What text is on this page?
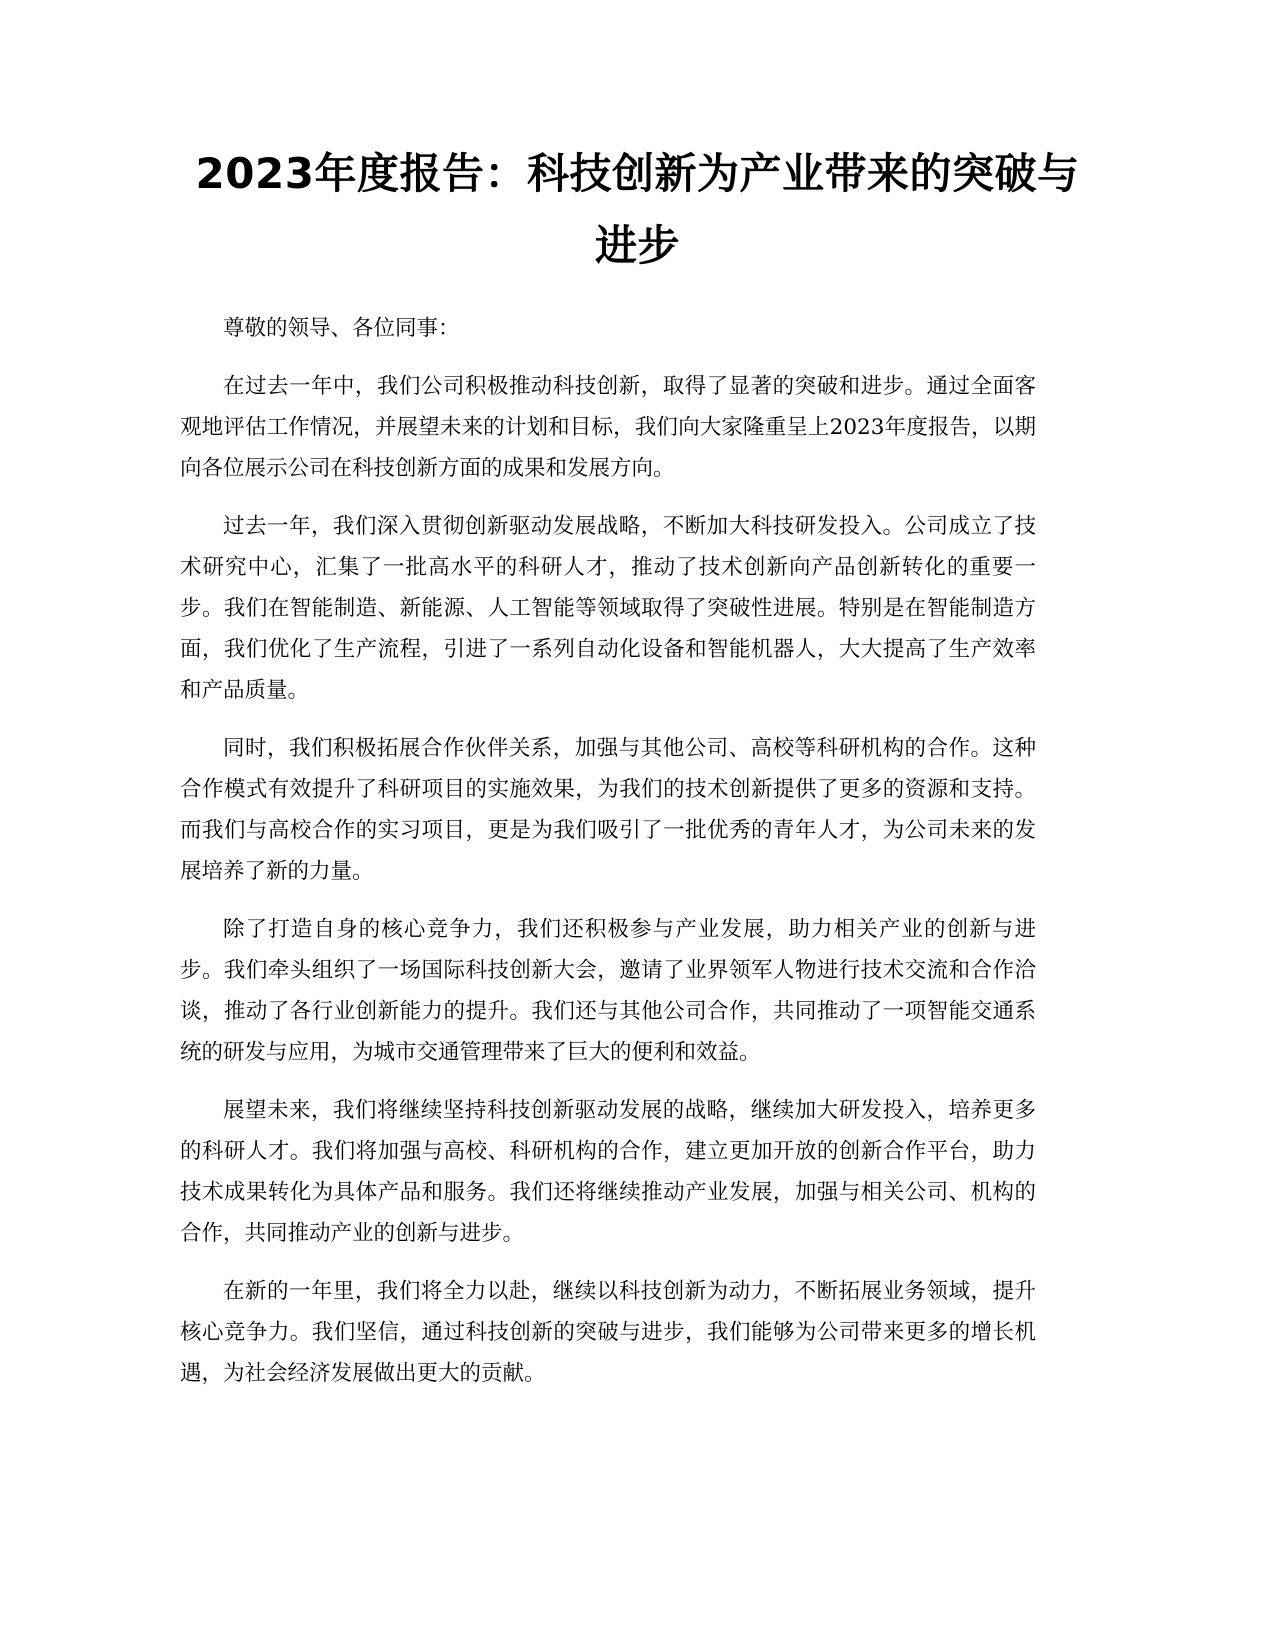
2023年度报告：科技创新为产业带来的突破与进步

尊敬的领导、各位同事：

在过去一年中，我们公司积极推动科技创新，取得了显著的突破和进步。通过全面客观地评估工作情况，并展望未来的计划和目标，我们向大家隆重呈上2023年度报告，以期向各位展示公司在科技创新方面的成果和发展方向。

过去一年，我们深入贯彻创新驱动发展战略，不断加大科技研发投入。公司成立了技术研究中心，汇集了一批高水平的科研人才，推动了技术创新向产品创新转化的重要一步。我们在智能制造、新能源、人工智能等领域取得了突破性进展。特别是在智能制造方面，我们优化了生产流程，引进了一系列自动化设备和智能机器人，大大提高了生产效率和产品质量。

同时，我们积极拓展合作伙伴关系，加强与其他公司、高校等科研机构的合作。这种合作模式有效提升了科研项目的实施效果，为我们的技术创新提供了更多的资源和支持。而我们与高校合作的实习项目，更是为我们吸引了一批优秀的青年人才，为公司未来的发展培养了新的力量。

除了打造自身的核心竞争力，我们还积极参与产业发展，助力相关产业的创新与进步。我们牵头组织了一场国际科技创新大会，邀请了业界领军人物进行技术交流和合作洽谈，推动了各行业创新能力的提升。我们还与其他公司合作，共同推动了一项智能交通系统的研发与应用，为城市交通管理带来了巨大的便利和效益。

展望未来，我们将继续坚持科技创新驱动发展的战略，继续加大研发投入，培养更多的科研人才。我们将加强与高校、科研机构的合作，建立更加开放的创新合作平台，助力技术成果转化为具体产品和服务。我们还将继续推动产业发展，加强与相关公司、机构的合作，共同推动产业的创新与进步。

在新的一年里，我们将全力以赴，继续以科技创新为动力，不断拓展业务领域，提升核心竞争力。我们坚信，通过科技创新的突破与进步，我们能够为公司带来更多的增长机遇，为社会经济发展做出更大的贡献。
